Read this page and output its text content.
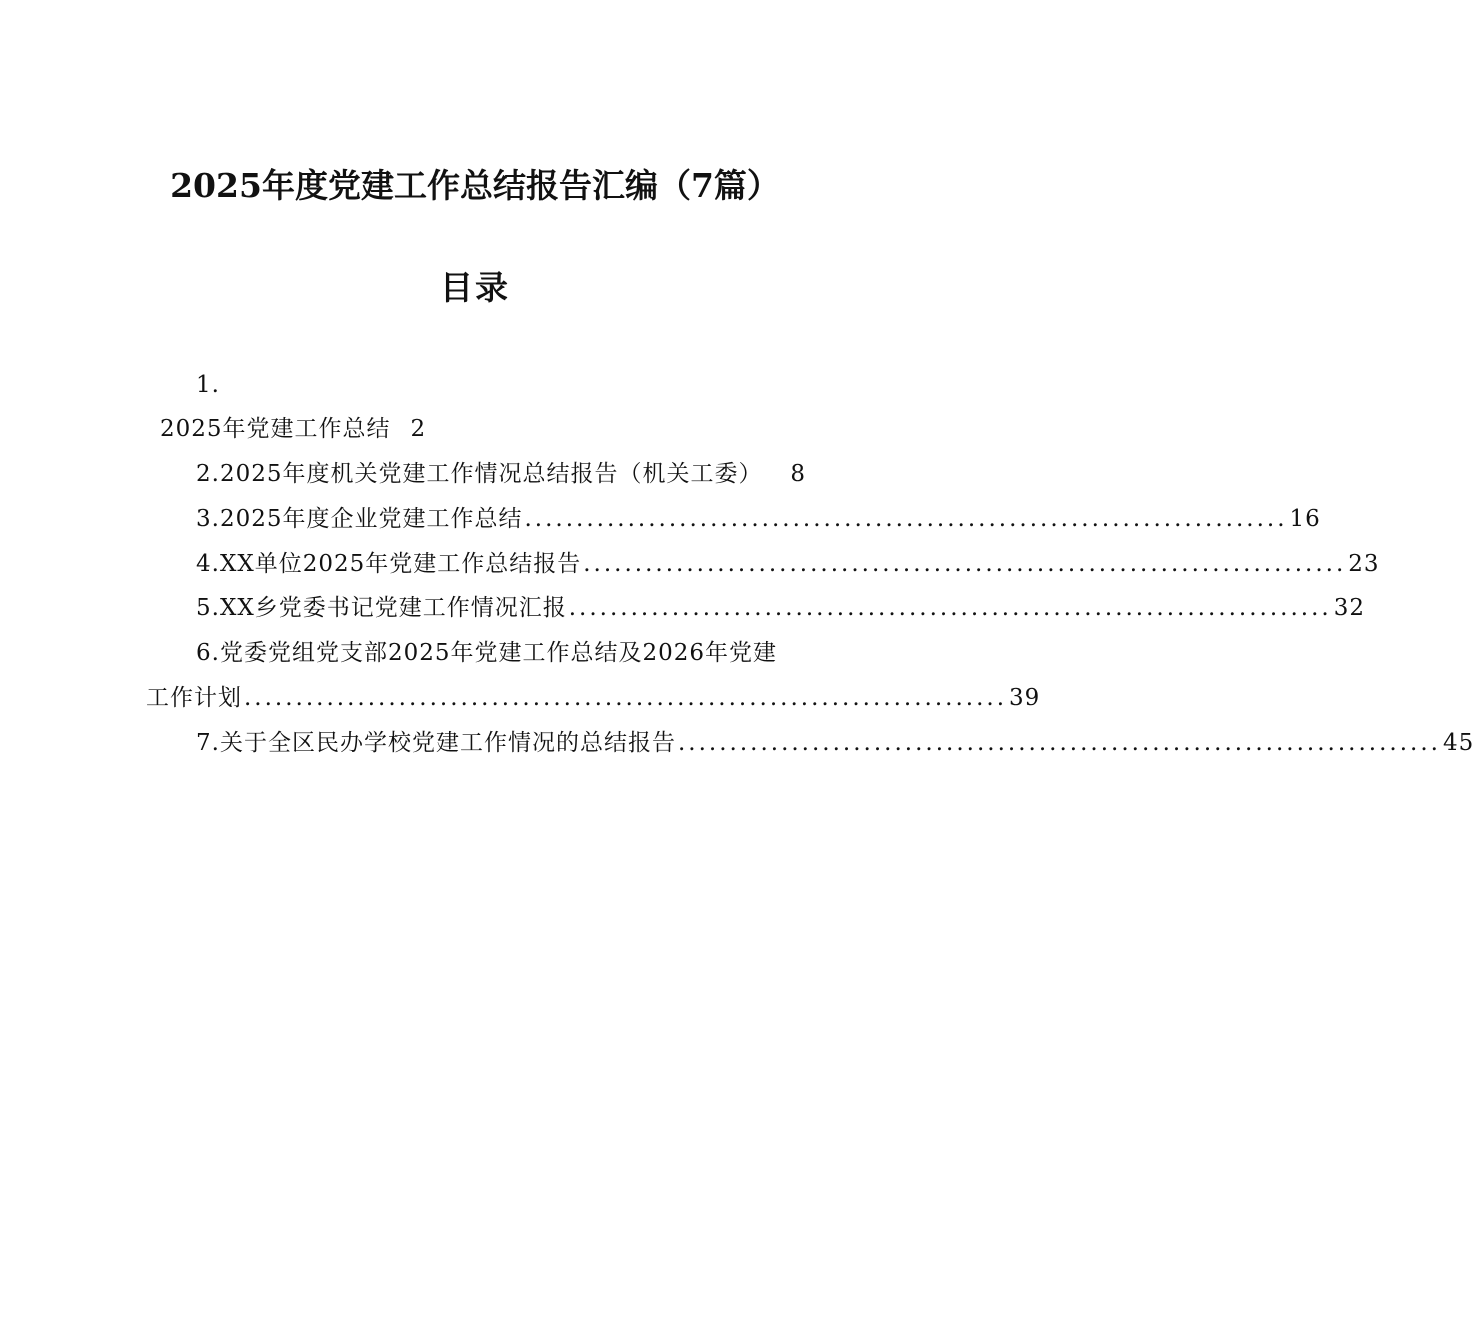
2025年度党建工作总结报告汇编（7篇）
目录
1.
2025年党建工作总结 2
2.2025年度机关党建工作情况总结报告（机关工委） 8
3.2025年度企业党建工作总结 .......................................................................... 16
4.XX单位2025年党建工作总结报告 .......................................................................... 23
5.XX乡党委书记党建工作情况汇报 .......................................................................... 32
6.党委党组党支部2025年党建工作总结及2026年党建
工作计划 .......................................................................... 39
7.关于全区民办学校党建工作情况的总结报告 .......................................................................... 45
